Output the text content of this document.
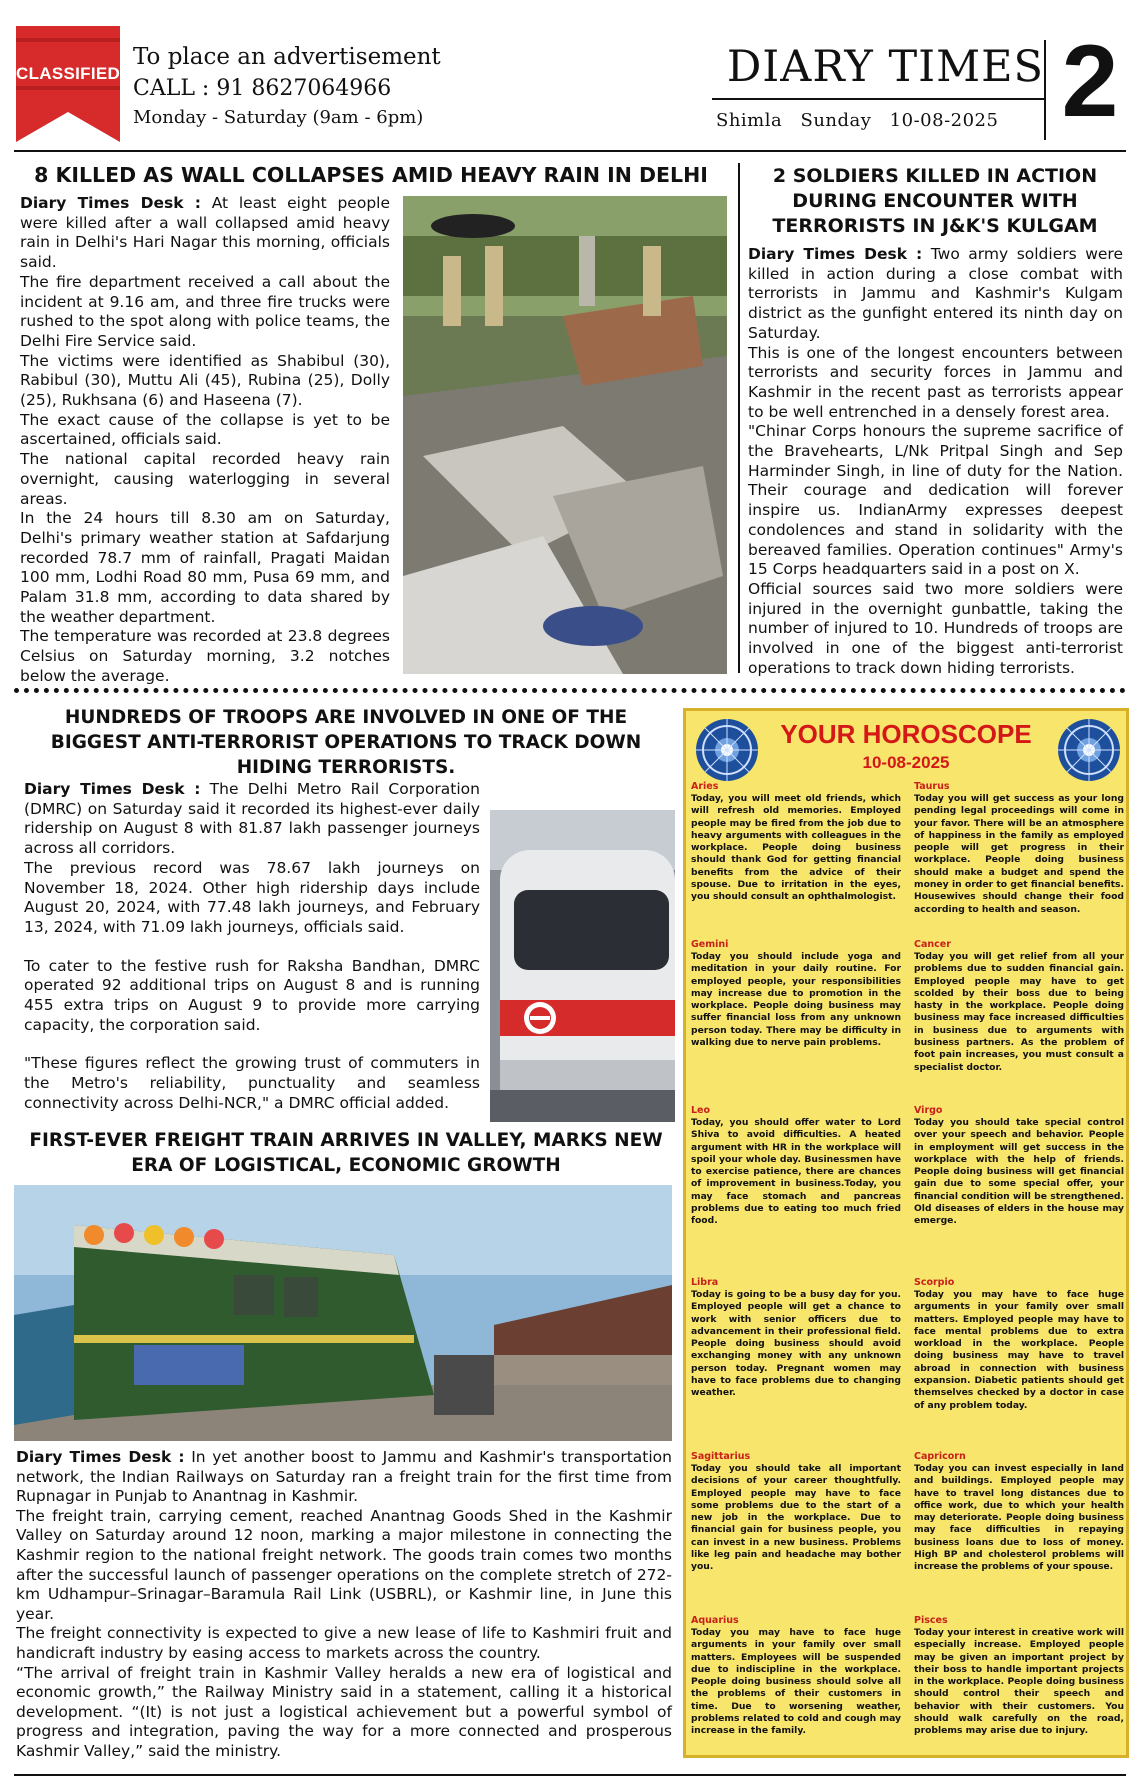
CLASSIFIED
To place an advertisement
CALL : 91 8627064966
Monday - Saturday (9am - 6pm)
DIARY TIMES
Shimla Sunday 10-08-2025 2
8 KILLED AS WALL COLLAPSES AMID HEAVY RAIN IN DELHI

Diary Times Desk : At least eight people were killed after a wall collapsed amid heavy rain in Delhi's Hari Nagar this morning, officials said.

The fire department received a call about the incident at 9.16 am, and three fire trucks were rushed to the spot along with police teams, the Delhi Fire Service said.

The victims were identified as Shabibul (30), Rabibul (30), Muttu Ali (45), Rubina (25), Dolly (25), Rukhsana (6) and Haseena (7).

The exact cause of the collapse is yet to be ascertained, officials said.

The national capital recorded heavy rain overnight, causing waterlogging in several areas.

In the 24 hours till 8.30 am on Saturday, Delhi's primary weather station at Safdarjung recorded 78.7 mm of rainfall, Pragati Maidan 100 mm, Lodhi Road 80 mm, Pusa 69 mm, and Palam 31.8 mm, according to data shared by the weather department.

The temperature was recorded at 23.8 degrees Celsius on Saturday morning, 3.2 notches below the average.

2 SOLDIERS KILLED IN ACTION DURING ENCOUNTER WITH TERRORISTS IN J&K'S KULGAM

Diary Times Desk : Two army soldiers were killed in action during a close combat with terrorists in Jammu and Kashmir's Kulgam district as the gunfight entered its ninth day on Saturday.

This is one of the longest encounters between terrorists and security forces in Jammu and Kashmir in the recent past as terrorists appear to be well entrenched in a densely forest area.

"Chinar Corps honours the supreme sacrifice of the Bravehearts, L/Nk Pritpal Singh and Sep Harminder Singh, in line of duty for the Nation. Their courage and dedication will forever inspire us. IndianArmy expresses deepest condolences and stand in solidarity with the bereaved families. Operation continues" Army's 15 Corps headquarters said in a post on X.

Official sources said two more soldiers were injured in the overnight gunbattle, taking the number of injured to 10. Hundreds of troops are involved in one of the biggest anti-terrorist operations to track down hiding terrorists.

HUNDREDS OF TROOPS ARE INVOLVED IN ONE OF THE BIGGEST ANTI-TERRORIST OPERATIONS TO TRACK DOWN HIDING TERRORISTS.

Diary Times Desk : The Delhi Metro Rail Corporation (DMRC) on Saturday said it recorded its highest-ever daily ridership on August 8 with 81.87 lakh passenger journeys across all corridors.

The previous record was 78.67 lakh journeys on November 18, 2024. Other high ridership days include August 20, 2024, with 77.48 lakh journeys, and February 13, 2024, with 71.09 lakh journeys, officials said.

To cater to the festive rush for Raksha Bandhan, DMRC operated 92 additional trips on August 8 and is running 455 extra trips on August 9 to provide more carrying capacity, the corporation said.

"These figures reflect the growing trust of commuters in the Metro's reliability, punctuality and seamless connectivity across Delhi-NCR," a DMRC official added.

FIRST-EVER FREIGHT TRAIN ARRIVES IN VALLEY, MARKS NEW ERA OF LOGISTICAL, ECONOMIC GROWTH

Diary Times Desk : In yet another boost to Jammu and Kashmir's transportation network, the Indian Railways on Saturday ran a freight train for the first time from Rupnagar in Punjab to Anantnag in Kashmir.

The freight train, carrying cement, reached Anantnag Goods Shed in the Kashmir Valley on Saturday around 12 noon, marking a major milestone in connecting the Kashmir region to the national freight network. The goods train comes two months after the successful launch of passenger operations on the complete stretch of 272-km Udhampur–Srinagar–Baramula Rail Link (USBRL), or Kashmir line, in June this year.

The freight connectivity is expected to give a new lease of life to Kashmiri fruit and handicraft industry by easing access to markets across the country.

“The arrival of freight train in Kashmir Valley heralds a new era of logistical and economic growth,” the Railway Ministry said in a statement, calling it a historical development. “(It) is not just a logistical achievement but a powerful symbol of progress and integration, paving the way for a more connected and prosperous Kashmir Valley,” said the ministry.

YOUR HOROSCOPE
10-08-2025
Aries
Today, you will meet old friends, which will refresh old memories. Employed people may be fired from the job due to heavy arguments with colleagues in the workplace. People doing business should thank God for getting financial benefits from the advice of their spouse. Due to irritation in the eyes, you should consult an ophthalmologist.
Taurus
Today you will get success as your long pending legal proceedings will come in your favor. There will be an atmosphere of happiness in the family as employed people will get progress in their workplace. People doing business should make a budget and spend the money in order to get financial benefits. Housewives should change their food according to health and season.
Gemini
Today you should include yoga and meditation in your daily routine. For employed people, your responsibilities may increase due to promotion in the workplace. People doing business may suffer financial loss from any unknown person today. There may be difficulty in walking due to nerve pain problems.
Cancer
Today you will get relief from all your problems due to sudden financial gain. Employed people may have to get scolded by their boss due to being hasty in the workplace. People doing business may face increased difficulties in business due to arguments with business partners. As the problem of foot pain increases, you must consult a specialist doctor.
Leo
Today, you should offer water to Lord Shiva to avoid difficulties. A heated argument with HR in the workplace will spoil your whole day. Businessmen have to exercise patience, there are chances of improvement in business.Today, you may face stomach and pancreas problems due to eating too much fried food.
Virgo
Today you should take special control over your speech and behavior. People in employment will get success in the workplace with the help of friends. People doing business will get financial gain due to some special offer, your financial condition will be strengthened. Old diseases of elders in the house may emerge.
Libra
Today is going to be a busy day for you. Employed people will get a chance to work with senior officers due to advancement in their professional field. People doing business should avoid exchanging money with any unknown person today. Pregnant women may have to face problems due to changing weather.
Scorpio
Today you may have to face huge arguments in your family over small matters. Employed people may have to face mental problems due to extra workload in the workplace. People doing business may have to travel abroad in connection with business expansion. Diabetic patients should get themselves checked by a doctor in case of any problem today.
Sagittarius
Today you should take all important decisions of your career thoughtfully. Employed people may have to face some problems due to the start of a new job in the workplace. Due to financial gain for business people, you can invest in a new business. Problems like leg pain and headache may bother you.
Capricorn
Today you can invest especially in land and buildings. Employed people may have to travel long distances due to office work, due to which your health may deteriorate. People doing business may face difficulties in repaying business loans due to loss of money. High BP and cholesterol problems will increase the problems of your spouse.
Aquarius
Today you may have to face huge arguments in your family over small matters. Employees will be suspended due to indiscipline in the workplace. People doing business should solve all the problems of their customers in time. Due to worsening weather, problems related to cold and cough may increase in the family.
Pisces
Today your interest in creative work will especially increase. Employed people may be given an important project by their boss to handle important projects in the workplace. People doing business should control their speech and behavior with their customers. You should walk carefully on the road, problems may arise due to injury.
